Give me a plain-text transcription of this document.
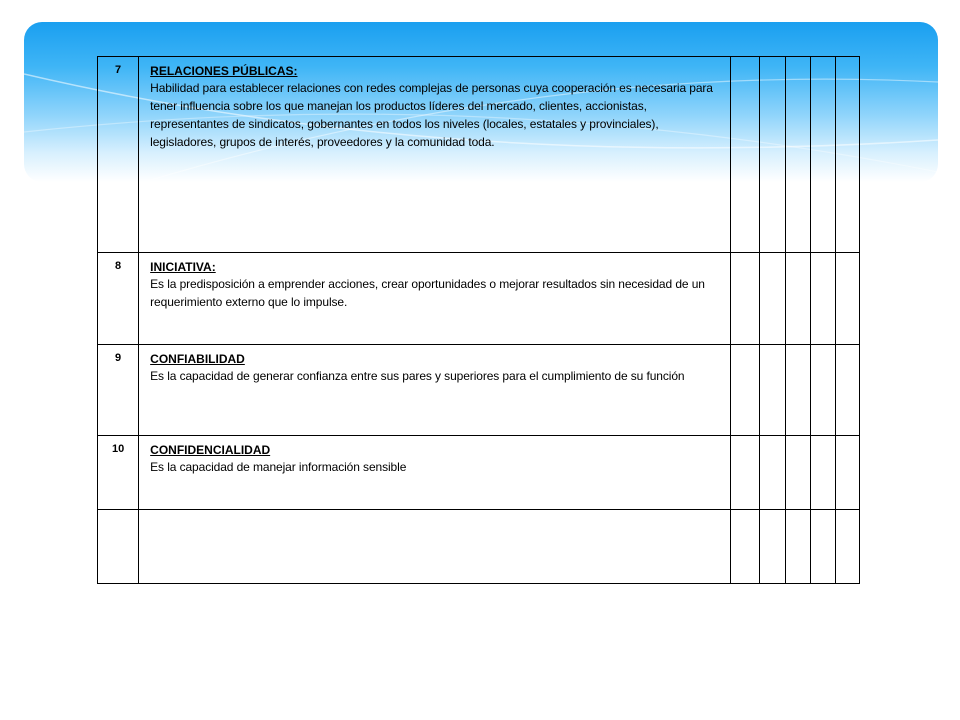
7	RELACIONES PÚBLICAS:
Habilidad para establecer relaciones con redes complejas de personas cuya cooperación es necesaria para tener influencia sobre los que manejan los productos líderes del mercado, clientes, accionistas, representantes de sindicatos, gobernantes en todos los niveles (locales, estatales y provinciales), legisladores, grupos de interés, proveedores y la comunidad toda.					

8	INICIATIVA:
Es la predisposición a emprender acciones, crear oportunidades o mejorar resultados sin necesidad de un requerimiento externo que lo impulse.					

9	CONFIABILIDAD
Es la capacidad de generar confianza entre sus pares y superiores para el cumplimiento de su función					

10	CONFIDENCIALIDAD
Es la capacidad de manejar información sensible					
